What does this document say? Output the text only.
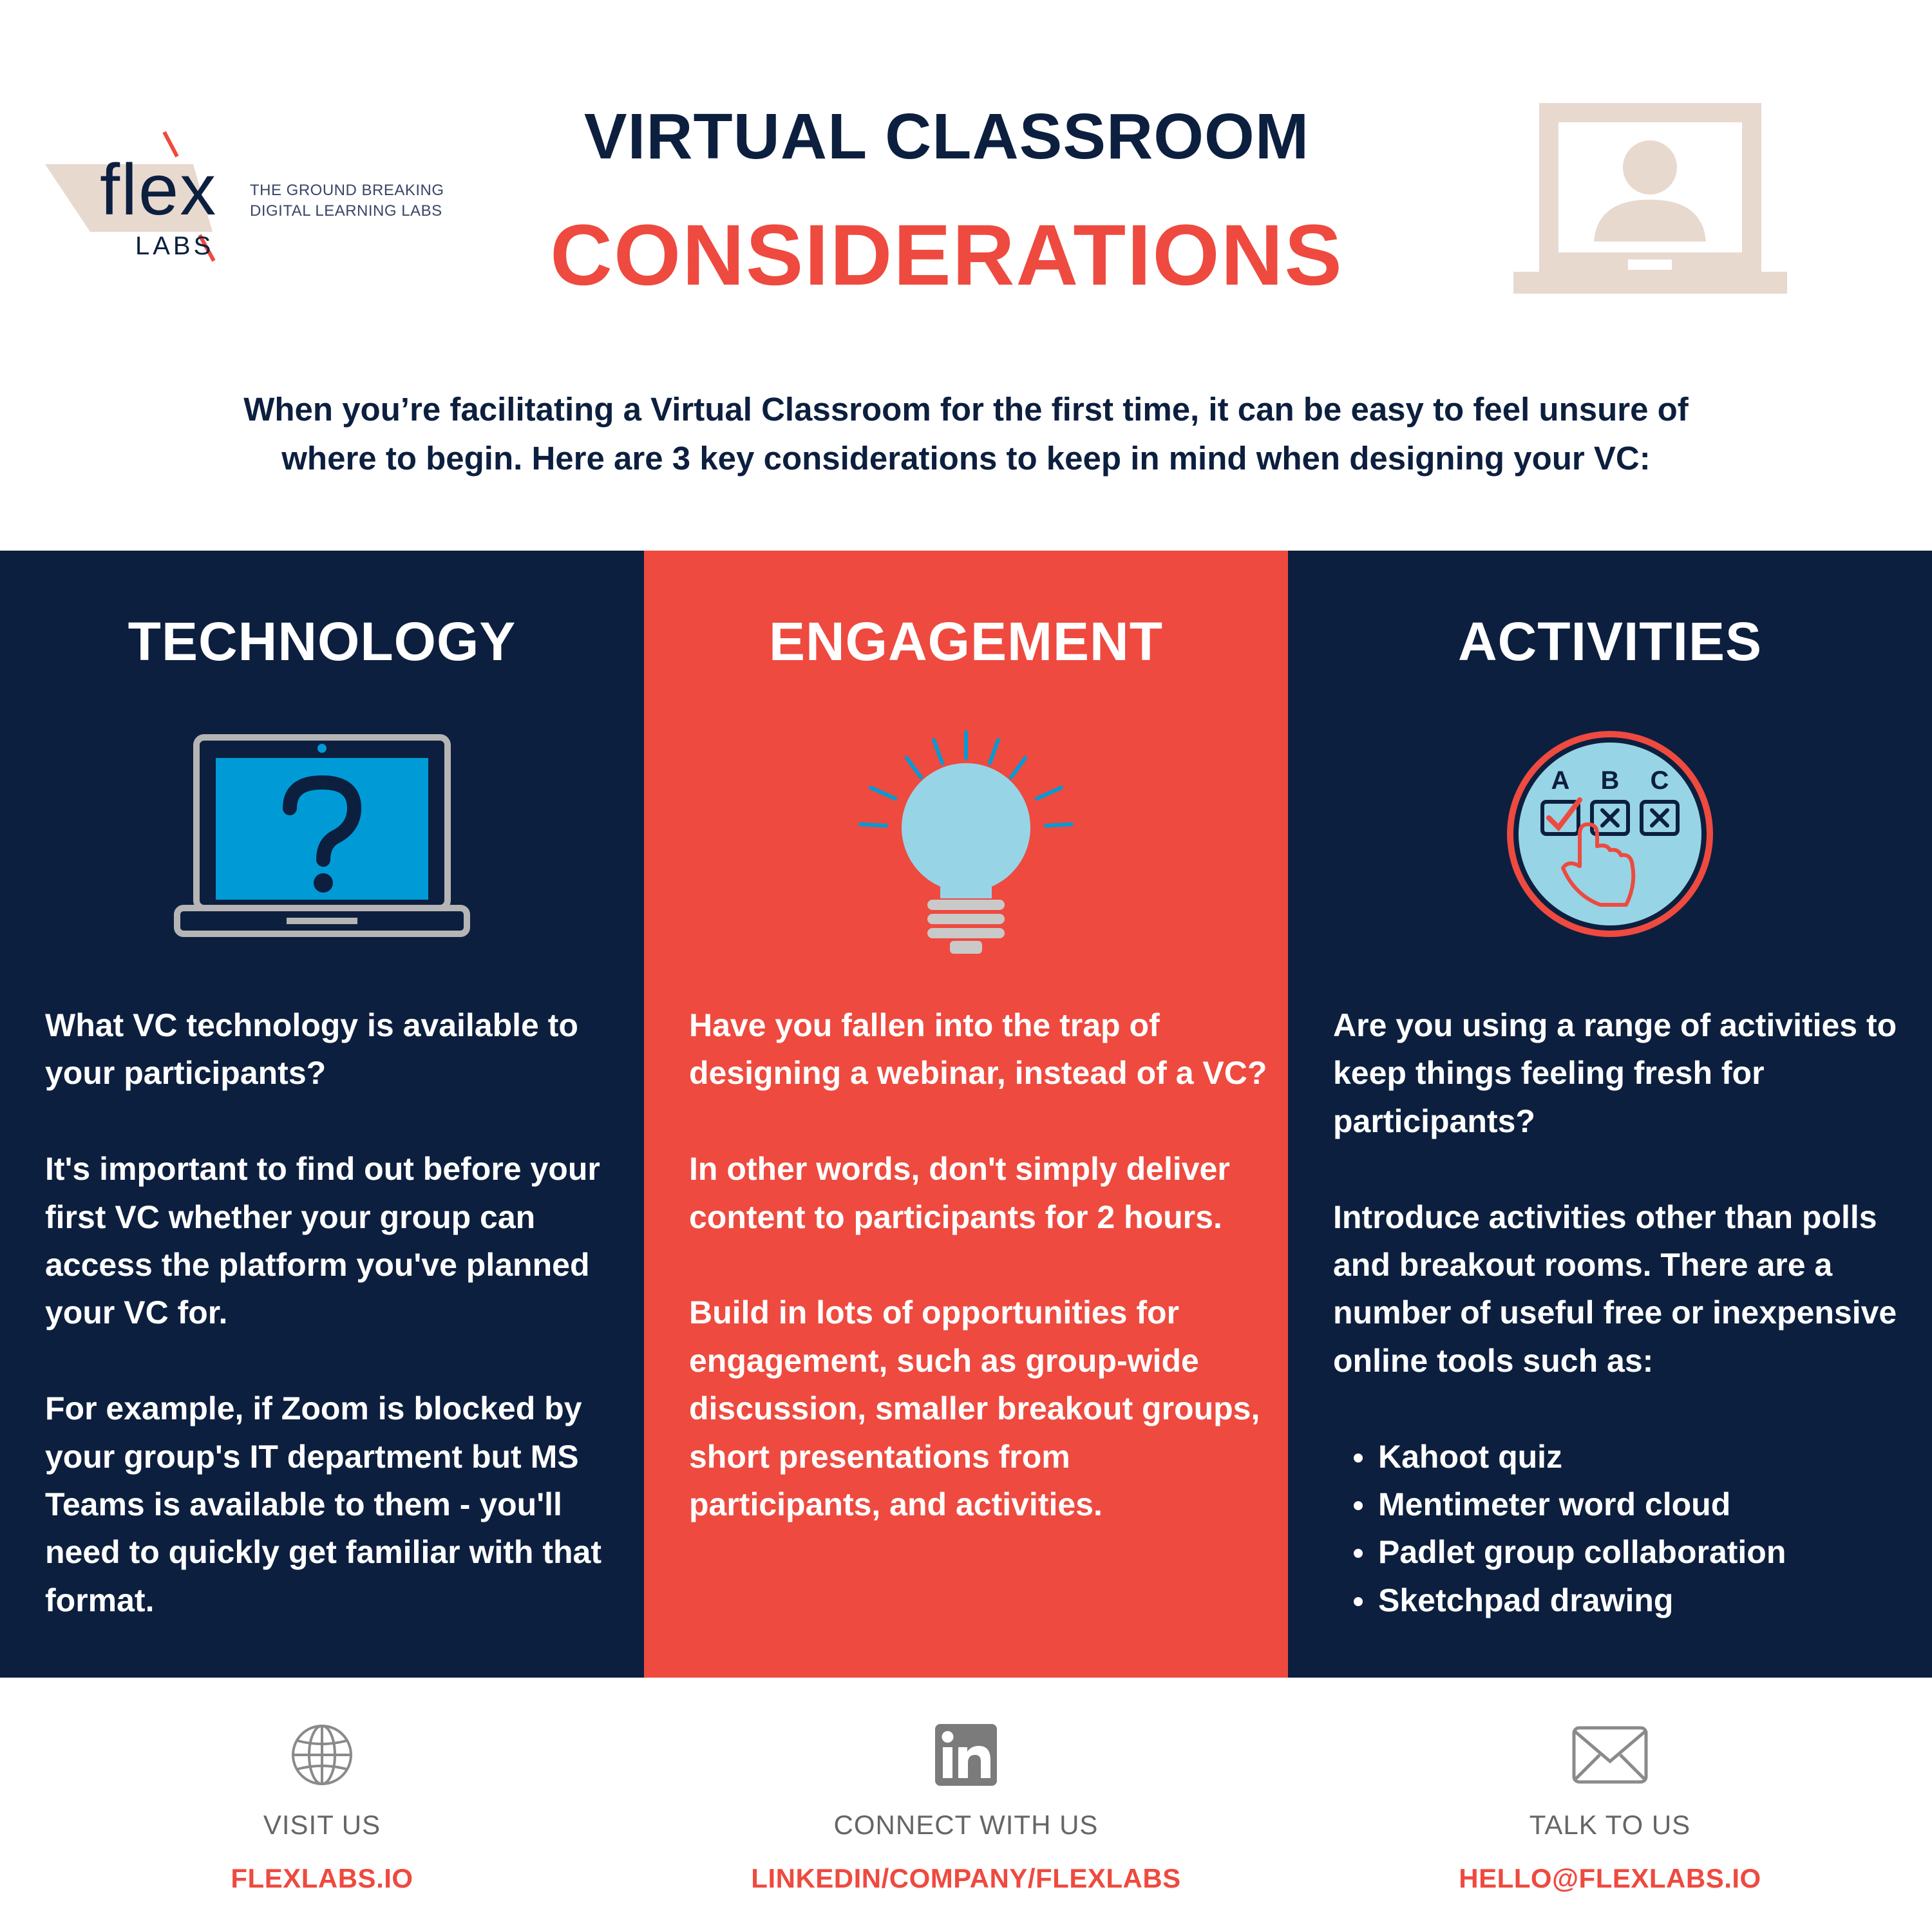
flex
LABS
THE GROUND BREAKING
DIGITAL LEARNING LABS
VIRTUAL CLASSROOM
CONSIDERATIONS
When you’re facilitating a Virtual Classroom for the first time, it can be easy to feel unsure of
where to begin. Here are 3 key considerations to keep in mind when designing your VC:
TECHNOLOGY

What VC technology is available to your participants?

It's important to find out before your first VC whether your group can access the platform you've planned your VC for.

For example, if Zoom is blocked by your group's IT department but MS Teams is available to them - you'll need to quickly get familiar with that format.

ENGAGEMENT

Have you fallen into the trap of designing a webinar, instead of a VC?

In other words, don't simply deliver content to participants for 2 hours.

Build in lots of opportunities for engagement, such as group-wide discussion, smaller breakout groups, short presentations from participants, and activities.

ACTIVITIES
A B C

Are you using a range of activities to keep things feeling fresh for participants?

Introduce activities other than polls and breakout rooms. There are a number of useful free or inexpensive online tools such as:

Kahoot quiz
Mentimeter word cloud
Padlet group collaboration
Sketchpad drawing
VISIT US
FLEXLABS.IO
CONNECT WITH US
LINKEDIN/COMPANY/FLEXLABS
TALK TO US
HELLO@FLEXLABS.IO
